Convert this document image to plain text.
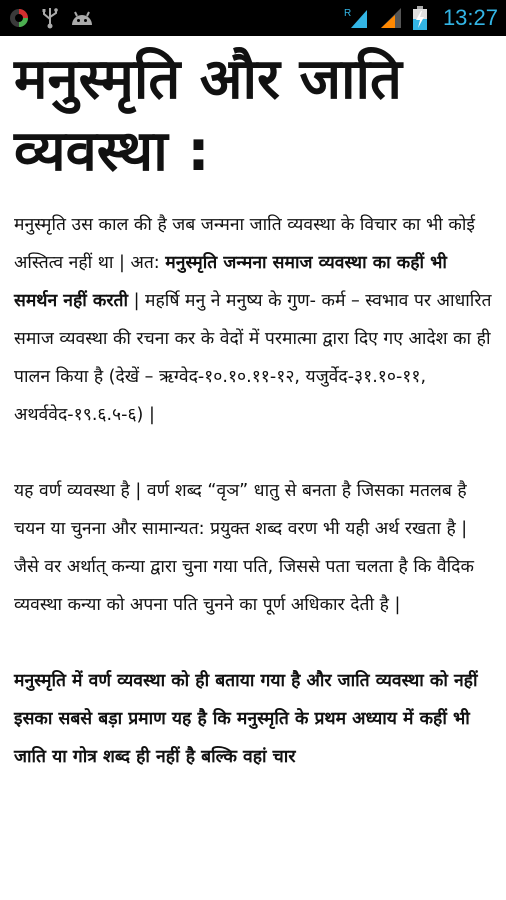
R	13:27
मनुस्मृति और जाति व्यवस्था :

मनुस्मृति उस काल की है जब जन्मना जाति व्यवस्था के विचार का भी कोई अस्तित्व नहीं था | अत: मनुस्मृति जन्मना समाज व्यवस्था का कहीं भी समर्थन नहीं करती | महर्षि मनु ने मनुष्य के गुण- कर्म – स्वभाव पर आधारित समाज व्यवस्था की रचना कर के वेदों में परमात्मा द्वारा दिए गए आदेश का ही पालन किया है (देखें – ऋग्वेद-१०.१०.११-१२, यजुर्वेद-३१.१०-११, अथर्ववेद-१९.६.५-६) |

यह वर्ण व्यवस्था है | वर्ण शब्द “वृञ” धातु से बनता है जिसका मतलब है चयन या चुनना और सामान्यत: प्रयुक्त शब्द वरण भी यही अर्थ रखता है | जैसे वर अर्थात् कन्या द्वारा चुना गया पति, जिससे पता चलता है कि वैदिक व्यवस्था कन्या को अपना पति चुनने का पूर्ण अधिकार देती है |

मनुस्मृति में वर्ण व्यवस्था को ही बताया गया है और जाति व्यवस्था को नहीं इसका सबसे बड़ा प्रमाण यह है कि मनुस्मृति के प्रथम अध्याय में कहीं भी जाति या गोत्र शब्द ही नहीं है बल्कि वहां चार
